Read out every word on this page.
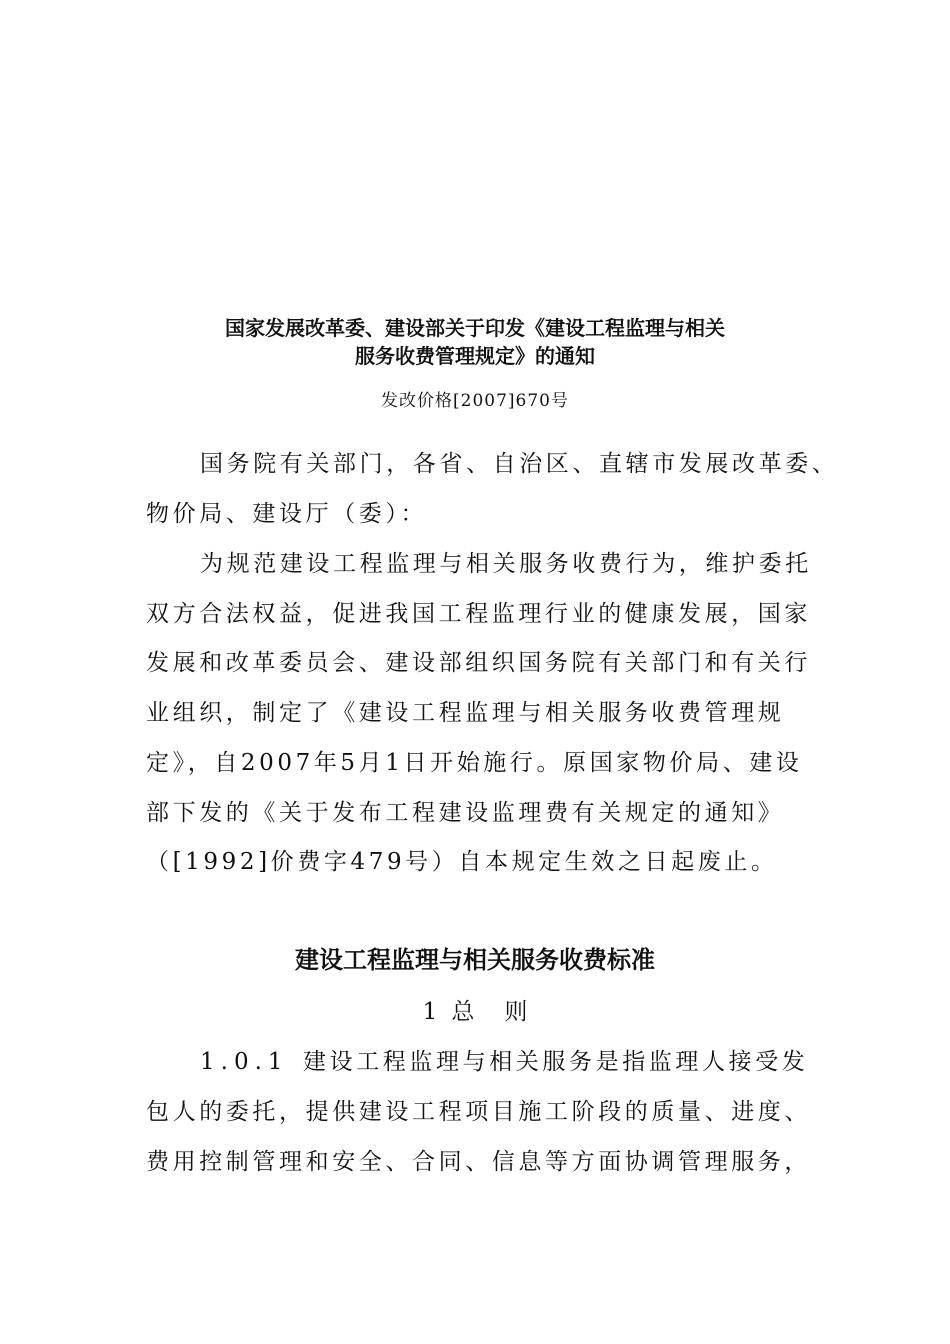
国家发展改革委、建设部关于印发《建设工程监理与相关
服务收费管理规定》的通知
发改价格[2007]670号
国务院有关部门，各省、自治区、直辖市发展改革委、
物价局、建设厅（委）：
为规范建设工程监理与相关服务收费行为，维护委托
双方合法权益，促进我国工程监理行业的健康发展，国家
发展和改革委员会、建设部组织国务院有关部门和有关行
业组织，制定了《建设工程监理与相关服务收费管理规
定》，自2007年5月1日开始施行。原国家物价局、建设
部下发的《关于发布工程建设监理费有关规定的通知》
（[1992]价费字479号）自本规定生效之日起废止。
建设工程监理与相关服务收费标准
1 总 则
1.0.1 建设工程监理与相关服务是指监理人接受发
包人的委托，提供建设工程项目施工阶段的质量、进度、
费用控制管理和安全、合同、信息等方面协调管理服务，
